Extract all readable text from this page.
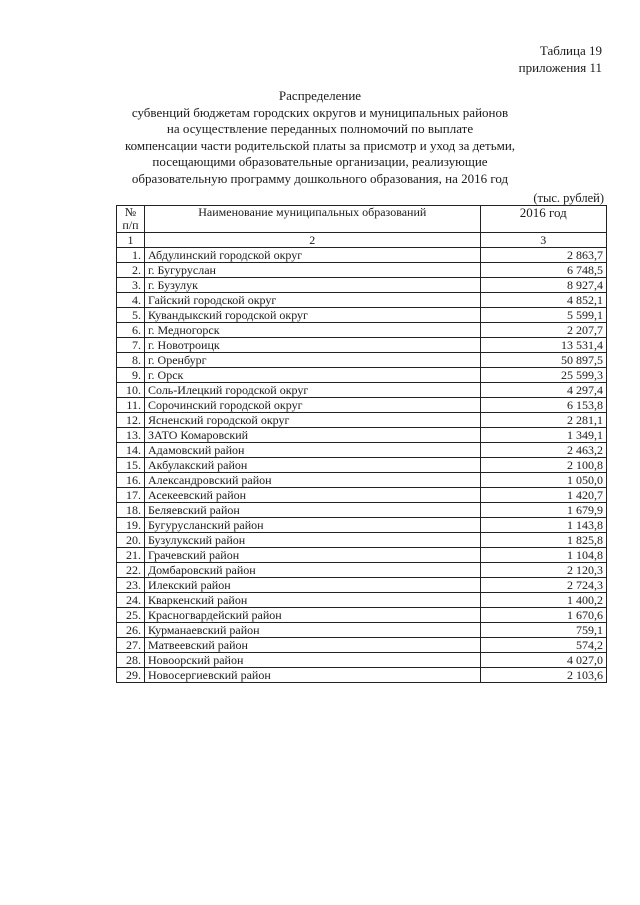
Таблица 19
приложения 11
Распределение
субвенций бюджетам городских округов и муниципальных районов
на осуществление переданных полномочий по выплате
компенсации части родительской платы за присмотр и уход за детьми,
посещающими образовательные организации, реализующие
образовательную программу дошкольного образования, на 2016 год
(тыс. рублей)
№
п/п	Наименование муниципальных образований	2016 год
1	2	3
1.	Абдулинский городской округ	2 863,7
2.	г. Бугуруслан	6 748,5
3.	г. Бузулук	8 927,4
4.	Гайский городской округ	4 852,1
5.	Кувандыкский городской округ	5 599,1
6.	г. Медногорск	2 207,7
7.	г. Новотроицк	13 531,4
8.	г. Оренбург	50 897,5
9.	г. Орск	25 599,3
10.	Соль-Илецкий городской округ	4 297,4
11.	Сорочинский городской округ	6 153,8
12.	Ясненский городской округ	2 281,1
13.	ЗАТО Комаровский	1 349,1
14.	Адамовский район	2 463,2
15.	Акбулакский район	2 100,8
16.	Александровский район	1 050,0
17.	Асекеевский район	1 420,7
18.	Беляевский район	1 679,9
19.	Бугурусланский район	1 143,8
20.	Бузулукский район	1 825,8
21.	Грачевский район	1 104,8
22.	Домбаровский район	2 120,3
23.	Илекский район	2 724,3
24.	Кваркенский район	1 400,2
25.	Красногвардейский район	1 670,6
26.	Курманаевский район	759,1
27.	Матвеевский район	574,2
28.	Новоорский район	4 027,0
29.	Новосергиевский район	2 103,6
